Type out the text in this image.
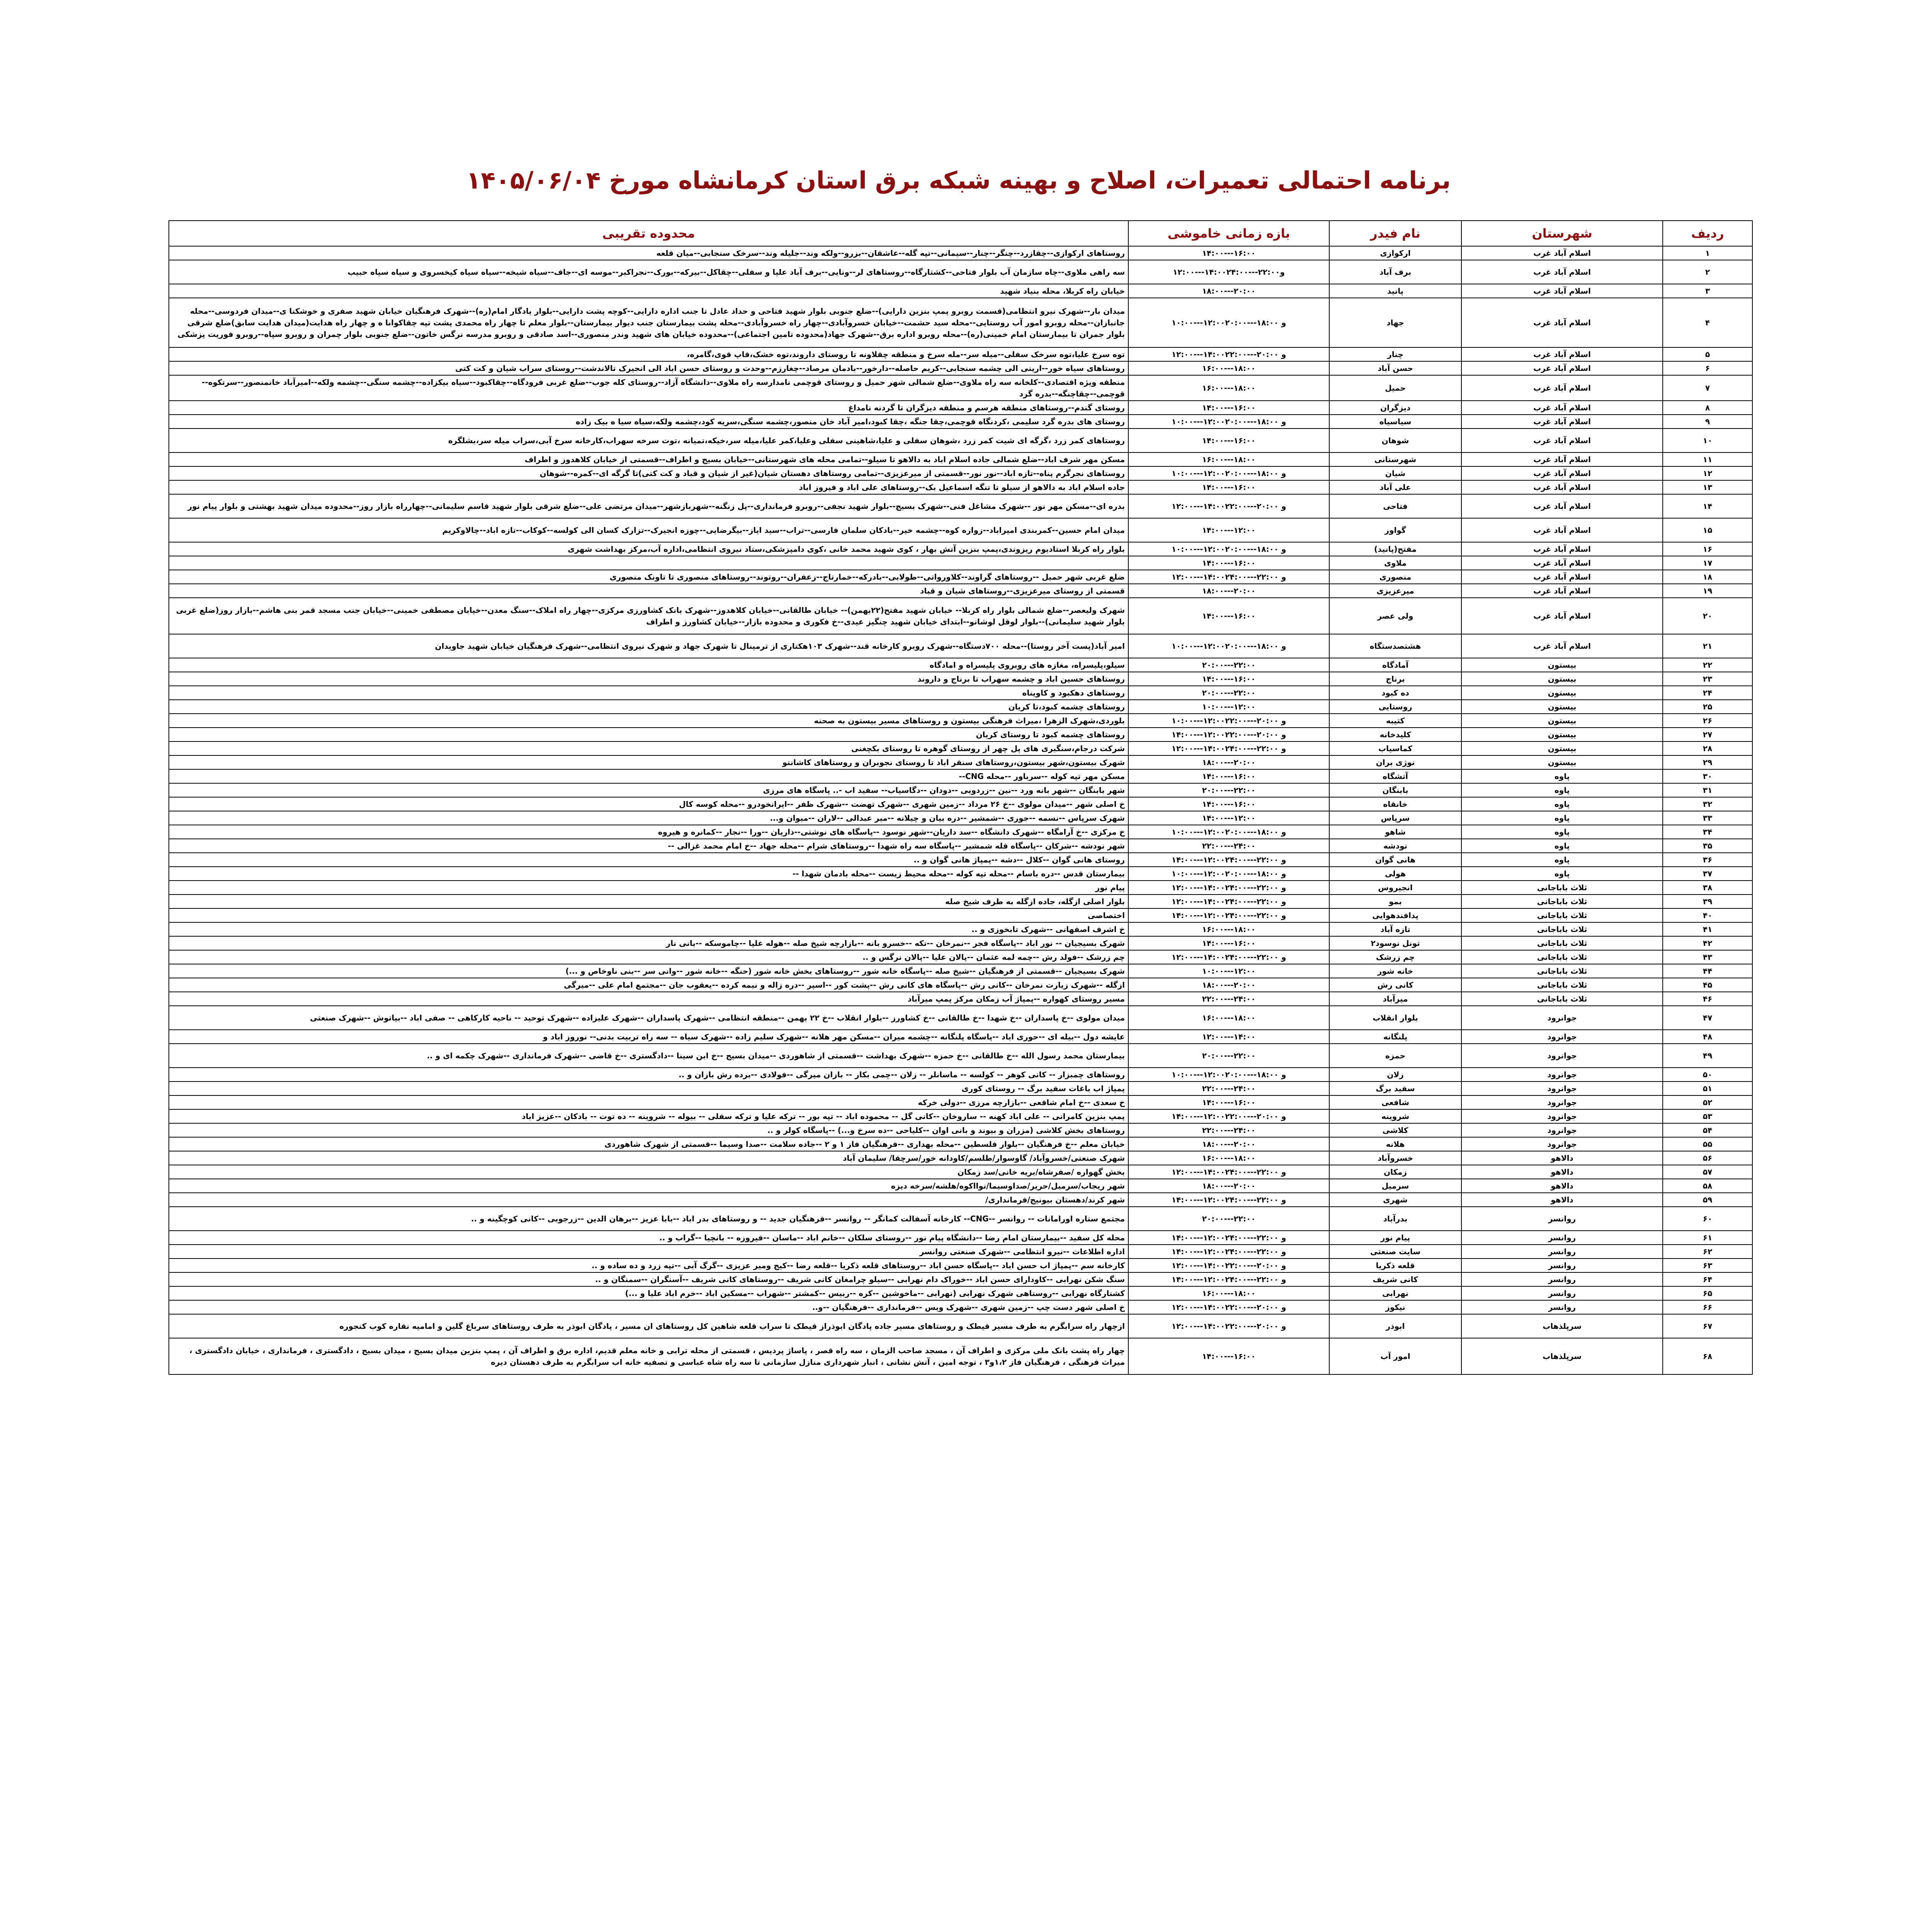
برنامه احتمالی تعمیرات، اصلاح و بهینه شبکه برق استان کرمانشاه مورخ ۱۴۰۵/۰۶/۰۴
ردیف	شهرستان	نام فیدر	بازه زمانی خاموشی	محدوده تقریبی
۱	اسلام آباد غرب	ارکوازی	۱۴:۰۰---۱۶:۰۰	روستاهای ارکوازی--چقازرد--چنگر--چنار--سیمانی--تپه گله--عاشقان--بزرو--ولکه وند--جلیله وند--سرخک سنجابی--میان قلعه
۲	اسلام آباد غرب	برف آباد	۱۲:۰۰---۱۴:۰۰و۲۲:۰۰---۲۴:۰۰	سه راهی ملاوی--چاه سازمان آب بلوار فتاحی--کشتارگاه--روستاهای لر--ونایی--برف آباد علیا و سفلی--چقاکل--بیرکه--بورک--نجراکبر--موسه ای--جاف--سیاه شیخه--سیاه سیاه کیخسروی و سیاه سیاه حبیب
۳	اسلام آباد غرب	پانید	۱۸:۰۰---۲۰:۰۰	خیابان راه کربلا، محله بنیاد شهید
۴	اسلام آباد غرب	جهاد	۱۰:۰۰---۱۲:۰۰و ۱۸:۰۰---۲۰:۰۰	میدان بار--شهرک نیرو انتظامی(قسمت روبرو پمپ بنزین دارایی)--ضلع جنوبی بلوار شهید فتاحی و حداد عادل تا جنب اداره دارایی--کوچه پشت دارایی--بلوار یادگار امام(ره)--شهرک فرهنگیان خیابان شهید صفری و خوشکنا ی--میدان فردوسی--محله جانبازان--محله روبرو امور آب روستایی--محله سید حشمت--خیابان خسروآبادی--چهار راه خسروآبادی--محله پشت بیمارستان جنب دیوار بیمارستان--بلوار معلم تا چهار راه محمدی پشت تپه چقاکوانا ه و چهار راه هدایت(میدان هدایت سابق)ضلع شرقی بلوار جمران تا بیمارستان امام خمینی(ره)--محله روبرو اداره برق--شهرک جهاد(محدوده تامین اجتماعی)--محدوده خیابان های شهید وندر منصوری--اسد صادقی و روبرو مدرسه نرگس خاتون--ضلع جنوبی بلوار چمران و روبرو سپاه--روبرو فوریت پزشکی
۵	اسلام آباد غرب	چنار	۱۲:۰۰---۱۴:۰۰و ۲۰:۰۰---۲۲:۰۰	توه سرخ علیا،توه سرخک سفلی--میله سر--مله سرخ و منطقه چقلاونه تا روستای داروند،توه خشک،قاپ قوی،گامره،
۶	اسلام آباد غرب	حسن آباد	۱۶:۰۰---۱۸:۰۰	روستاهای سیاه خور--ارینی الی چشمه سنجابی--کریم حاصله--دارخور--بادمان مرصاد--چغارزم--وحدت و روستای حسن اباد الی انجیرک تالاندشت--روستای سراب شیان و کت کتی
۷	اسلام آباد غرب	حمیل	۱۶:۰۰---۱۸:۰۰	منطقه ویژه اقتصادی--کلخانه سه راه ملاوی--ضلع شمالی شهر حمیل و روستای قوچمی نامدارسه راه ملاوی--دانشگاه آزاد--روستای کله جوب--ضلع غربی فرودگاه--چقاکبود--سیاه بیکزاده--چشمه سنگی--چشمه ولکه--امیرآباد خانمنصور--سرتکوه--قوچمی--چقاچنگه--بدره گرد
۸	اسلام آباد غرب	دیزگران	۱۴:۰۰---۱۶:۰۰	روستای گندم--روستاهای منطقه هرسم و منطقه دیزگران تا گردنه نامداغ
۹	اسلام آباد غرب	سیاسیاه	۱۰:۰۰---۱۲:۰۰و ۱۸:۰۰---۲۰:۰۰	روستای های بدره گرد سلیمی ،کردنگاه قوچمی،چقا جنگه ،چقا کبود،امیر آباد خان منصور،چشمه سنگی،سریه کود،چشمه ولکه،سیاه سیا ه بیک زاده
۱۰	اسلام آباد غرب	شوهان	۱۴:۰۰---۱۶:۰۰	روستاهای کمر زرد ،گرگه ای شیت کمر زرد ،شوهان سفلی و علیا،شاهینی سفلی وعلیا،کمر علیا،میله سر،خیکه،تمیانه ،توت سرخه سهراب،کارخانه سرخ آبی،سراب میله سر،بشلگره
۱۱	اسلام آباد غرب	شهرستانی	۱۶:۰۰---۱۸:۰۰	مسکن مهر شرف اباد--ضلع شمالی جاده اسلام اباد به دالاهو تا سیلو--تمامی محله های شهرستانی--خیابان بسیج و اطراف--قسمتی از خیابان کلاهدوز و اطراف
۱۲	اسلام آباد غرب	شیان	۱۰:۰۰---۱۲:۰۰و ۱۸:۰۰---۲۰:۰۰	روستاهای نجرگرم پناه--تازه اباد--نور نور--قسمتی از میرعزیزی--تمامی روستاهای دهستان شیان(غیر از شیان و قباد و کت کتی)تا گرگه ای--کمره--شوهان
۱۳	اسلام آباد غرب	علی آباد	۱۴:۰۰---۱۶:۰۰	جاده اسلام اباد به دالاهو از سیلو تا تنگه اسماعیل بک--روستاهای علی اباد و فیروز اباد
۱۴	اسلام آباد غرب	فتاحی	۱۲:۰۰---۱۴:۰۰و ۲۰:۰۰---۲۲:۰۰	بدره ای--مسکن مهر نور --شهرک مشاغل فنی--شهرک بسیج--بلوار شهید نجفی--روبرو فرمانداری--پل زنگنه--شهربازشهر--میدان مرتضی علی--ضلع شرقی بلوار شهید قاسم سلیمانی--چهارراه بازار روز--محدوده میدان شهید بهشتی و بلوار پیام نور
۱۵	اسلام آباد غرب	گواور	۱۴:۰۰---۱۲:۰۰	میدان امام حسین--کمربندی امیراباد--زواره کوه--چشمه خیر--بادکان سلمان فارسی--تراب--سید ایاز--بیگرضایی--چوزه انجیرک--تزارک کسان الی کولسه--کوکاب--تازه اباد--چالاوکریم
۱۶	اسلام آباد غرب	مفتح(پانید)	۱۰:۰۰---۱۲:۰۰و ۱۸:۰۰---۲۰:۰۰	بلوار راه کربلا استادیوم ریزوندی،پمپ بنزین آتش بهار ، کوی شهید محمد خانی ،کوی دامپزشکی،ستاد نیروی انتظامی،اداره آب،مرکز بهداشت شهری
۱۷	اسلام آباد غرب	ملاوی	۱۴:۰۰---۱۶:۰۰	
۱۸	اسلام آباد غرب	منصوری	۱۲:۰۰---۱۴:۰۰و ۲۲:۰۰---۲۴:۰۰	ضلع غربی شهر حمیل --روستاهای گراوند--کلاورواتی--طولابی--بادرکه--خمارتاج--زعفران--روتوند--روستاهای منصوری تا تاونک منصوری
۱۹	اسلام آباد غرب	میرعزیزی	۱۸:۰۰---۲۰:۰۰	قسمتی از روستای میرعزیزی--روستاهای شیان و قباد
۲۰	اسلام آباد غرب	ولی عصر	۱۴:۰۰---۱۶:۰۰	شهرک ولیعصر--ضلع شمالی بلوار راه کربلا-- خیابان شهید مفتح(۲۲بهمن)-- خیابان طالقانی--خیابان کلاهدوز--شهرک بانک کشاورزی مرکزی--چهار راه املاک--سنگ معدن--خیابان مصطفی خمینی--خیابان جنب مسجد قمر بنی هاشم--بازار روز(ضلع غربی بلوار شهید سلیمانی)--بلوار لوقل لوشانو--ابتدای خیابان شهید چنگیز عیدی--خ فکوری و محدوده بازار--خیابان کشاورز و اطراف
۲۱	اسلام آباد غرب	هشتصدستگاه	۱۰:۰۰---۱۲:۰۰و ۱۸:۰۰---۲۰:۰۰	امیر آباد(پست آخر روستا)--محله ۷۰۰دستگاه--شهرک روبرو کارخانه قند--شهرک ۱۰۳هکتاری از ترمینال تا شهرک جهاد و شهرک نیروی انتظامی--شهرک فرهنگیان خیابان شهید جاویدان
۲۲	بیستون	آمادگاه	۲۰:۰۰---۲۲:۰۰	سیلو،پلیسراه، مغازه های روبروی پلیسراه و امادگاه
۲۳	بیستون	برناج	۱۴:۰۰---۱۶:۰۰	روستاهای حسین اباد و چشمه سهراب تا برناج و داروند
۲۴	بیستون	ده کبود	۲۰:۰۰---۲۲:۰۰	روستاهای دهکبود و کاویناه
۲۵	بیستون	روستایی	۱۰:۰۰---۱۲:۰۰	روستاهای چشمه کبود،تا کریان
۲۶	بیستون	کتیبه	۱۰:۰۰---۱۲:۰۰و ۲۰:۰۰---۲۲:۰۰	بلوردی،شهرک الزهرا ،میراث فرهنگی بیستون و روستاهای مسیر بیستون به صحنه
۲۷	بیستون	کلیدخانه	۱۴:۰۰---۱۲:۰۰و ۲۰:۰۰---۲۲:۰۰	روستاهای چشمه کبود تا روستای کریان
۲۸	بیستون	کماسیاب	۱۲:۰۰---۱۴:۰۰و ۲۲:۰۰---۲۴:۰۰	شرکت درجام،سنگبری های پل چهر از روستای گوهره تا روستای بکچغنی
۲۹	بیستون	نوژی بران	۱۸:۰۰---۲۰:۰۰	شهرک بیستون،شهر بیستون،روستاهای سنقر اباد تا روستای نجوبران و روستاهای کاشانتو
۳۰	پاوه	آتشگاه	۱۴:۰۰---۱۶:۰۰	مسکن مهر تپه کوله --سرباور --محله CNG--
۳۱	پاوه	بابنگان	۲۰:۰۰---۲۲:۰۰	شهر بابنگان --شهر بانه ورد --نین --زردویی --دودان --دگاسیاب-- سفید اب -.. پاسگاه های مرزی
۳۲	پاوه	خانقاه	۱۴:۰۰---۱۶:۰۰	خ اصلی شهر --میدان مولوی --خ ۲۶ مرداد --زمین شهری --شهرک تهضت --شهرک ظفر --ایرانخودرو --محله کوسه کال
۳۳	پاوه	سرپاس	۱۴:۰۰---۱۲:۰۰	شهرک سرپاس --نسمه --جوری --شمشیر --دره بیان و چیلانه --میر عبدالی --لاران --میوان و...
۳۴	پاوه	شاهو	۱۰:۰۰---۱۲:۰۰و ۱۸:۰۰---۲۰:۰۰	خ مرکزی --خ آرامگاه --شهرک دانشگاه --سد داریان--شهر نوسود --پاسگاه های نوشتی--داریان --ورا --نجار --کمانره و هیروه
۳۵	پاوه	نودشه	۲۲:۰۰---۲۴:۰۰	شهر نودشه --شرکان --پاسگاه قله شمشیر --پاسگاه سه راه شهدا --روستاهای شرام --محله جهاد --خ امام محمد غزالی --
۳۶	پاوه	هانی گوان	۱۴:۰۰---۱۲:۰۰و ۲۲:۰۰---۲۴:۰۰	روستای هانی گوان --کلال --دشه --پمپاژ هانی گوان و ..
۳۷	پاوه	هولی	۱۰:۰۰---۱۲:۰۰و ۱۸:۰۰---۲۰:۰۰	بیمارستان قدس --دره باسام --محله تپه کوله --محله محیط زیست --محله بادمان شهدا --
۳۸	ثلاث باباجانی	انجیروس	۱۲:۰۰---۱۴:۰۰و ۲۲:۰۰---۲۴:۰۰	پیام نور
۳۹	ثلاث باباجانی	بمو	۱۲:۰۰---۱۴:۰۰و ۲۲:۰۰---۲۴:۰۰	بلوار اصلی ازگله، جاده ازگله به طرف شیخ صله
۴۰	ثلاث باباجانی	پدافندهوایی	۱۴:۰۰---۱۲:۰۰و ۲۲:۰۰---۲۴:۰۰	اختصاصی
۴۱	ثلاث باباجانی	تازه آباد	۱۶:۰۰---۱۸:۰۰	خ اشرف اصفهانی --شهرک تابخوزی و ..
۴۲	ثلاث باباجانی	تونل نوسود۲	۱۴:۰۰---۱۶:۰۰	شهرک بسیجیان -- نور اباد --پاسگاه فجر --نمرخان --تکه --خسرو بانه --بازارچه شیخ صله --هوله علیا --چاموسکه --بانی نار
۴۳	ثلاث باباجانی	چم زرشک	۱۲:۰۰---۱۴:۰۰و ۲۲:۰۰---۲۴:۰۰	چم زرشک --فولد رش --چمه لمه عثمان --پالان علیا --پالان نرگس و ..
۴۴	ثلاث باباجانی	خانه شور	۱۰:۰۰---۱۲:۰۰	شهرک بسیجیان --قسمتی از فرهنگیان --شیخ صله --پاسگاه خانه شور --روستاهای بخش خانه شور (حنگه --خانه شور --وانی سر --بنی ناوخاص و ...)
۴۵	ثلاث باباجانی	کانی رش	۱۸:۰۰---۲۰:۰۰	ازگله --شهرک زیارت نمرخان --کانی رش --پاسگاه های کانی رش --پشت کور --اسپر --دره زاله و نیمه کرده --یعقوب جان --مجتمع امام علی --میرگی
۴۶	ثلاث باباجانی	میرآباد	۲۲:۰۰---۲۴:۰۰	مسیر روستای کهواره --پمپاژ آب زمکان مرکز پمپ میرآباد
۴۷	جوانرود	بلوار انقلاب	۱۶:۰۰---۱۸:۰۰	میدان مولوی --خ پاسداران --خ شهدا --خ طالقانی --خ کشاورز --بلوار انقلاب --خ ۲۲ بهمن --منطقه انتظامی --شهرک پاسداران --شهرک علیزاده --شهرک توحید -- ناحیه کارکاهی -- صفی اباد --بیاتوش --شهرک صنعتی
۴۸	جوانرود	پلنگانه	۱۲:۰۰---۱۴:۰۰	عایشه دول --بیله ای --حوری اباد --پاسگاه پلنگانه --چشمه میران --مسکن مهر هلانه --شهرک سلیم زاده --شهرک سیاه -- سه راه تربیت بدنی-- نوروز اباد و
۴۹	جوانرود	حمزه	۲۰:۰۰---۲۲:۰۰	بیمارستان محمد رسول الله --خ طالقانی --خ حمزه --شهرک بهداشت --قسمتی از شاهوردی --میدان بسیج --خ ابن سینا --دادگستری --خ قاضی --شهرک فرمانداری --شهرک چکمه ای و ..
۵۰	جوانرود	زلان	۱۰:۰۰---۱۲:۰۰و ۱۸:۰۰---۲۰:۰۰	روستاهای چمبزار -- کانی کوهر -- کولسه -- ماسانلر -- زلان --چمی بکار -- بازان میرگی --فولادی --برده رش بازان و ..
۵۱	جوانرود	سفید برگ	۲۲:۰۰---۲۴:۰۰	پمپاژ اب باغات سفید برگ -- روستای کوری
۵۲	جوانرود	شافعی	۱۴:۰۰---۱۶:۰۰	خ سعدی --خ امام شافعی --بازارچه مرزی --دولی خرکه
۵۳	جوانرود	شروینه	۱۴:۰۰---۱۲:۰۰و ۲۰:۰۰---۲۲:۰۰	پمپ بنزین کامرانی -- علی اباد کهنه -- ساروخان --کانی گل -- محموده اباد -- تپه بور -- ترکه علیا و ترکه سفلی -- بیوله -- شروینه -- ده توت -- بادکان --عزیز اباد
۵۴	جوانرود	کلاشی	۲۲:۰۰---۲۴:۰۰	روستاهای بخش کلاشی (مزران و بیوند و بانی اوان --کلیاحی --ده سرخ و...) --پاسگاه کولر و ..
۵۵	جوانرود	هلانه	۱۸:۰۰---۲۰:۰۰	خیابان معلم --خ فرهنگیان --بلوار فلسطین --محله بهداری --فرهنگیان فاز ۱ و ۲ --جاده سلامت --صدا وسیما --قسمتی از شهرک شاهوردی
۵۶	دالاهو	خسروآباد	۱۶:۰۰---۱۸:۰۰	شهرک صنعتی/خسروآباد/ گاوسوار/طلسم/کاودانه خور/سرچقا/ سلیمان آباد
۵۷	دالاهو	زمکان	۱۲:۰۰---۱۴:۰۰و ۲۲:۰۰---۲۴:۰۰	بخش گهواره /صفرشاه/بریه خانی/سد زمکان
۵۸	دالاهو	سرمیل	۱۸:۰۰---۲۰:۰۰	شهر ریجاب/سرمیل/حریر/صداوسیما/نوااکوه/هلشه/سرخه دیزه
۵۹	دالاهو	شهری	۱۴:۰۰---۱۲:۰۰و ۲۲:۰۰---۲۴:۰۰	شهر کرند/دهستان بیونیج/فرمانداری/
۶۰	روانسر	بدرآباد	۲۰:۰۰---۲۲:۰۰	مجتمع ستاره اورامانات -- روانسر --CNG-- کارخانه آسفالت کمانگر -- روانسر --فرهنگیان جدید -- و روستاهای بدر اباد --بابا عزیز --برهان الدین --زرجوبی --کانی کوچگینه و ..
۶۱	روانسر	پیام نور	۱۴:۰۰---۱۲:۰۰و ۲۲:۰۰---۲۴:۰۰	محله کل سفید --بیمارستان امام رضا --دانشگاه پیام نور --روستای سلکان --خانم اباد --ماسان --فیروزه -- بانچیا --گراب و ..
۶۲	روانسر	سایت صنعتی	۱۴:۰۰---۱۲:۰۰و ۲۲:۰۰---۲۴:۰۰	اداره اطلاعات --نیرو انتظامی --شهرک صنعتی روانسر
۶۳	روانسر	قلعه ذکریا	۱۲:۰۰---۱۴:۰۰و ۲۰:۰۰---۲۲:۰۰	کارخانه سم --پمپاژ اب حسن اباد --پاسگاه حسن اباد --روستاهای قلعه ذکریا --قلعه رضا --کیج ومیر عزیزی --گرگ آبی --تپه زرد و ده ساده و ..
۶۴	روانسر	کانی شریف	۱۴:۰۰---۱۲:۰۰و ۲۲:۰۰---۲۴:۰۰	سنگ شکن نهرابی --کاودارای حسن اباد --خوراک دام نهرابی --سیلو چرامغان کانی شریف --روستاهای کانی شریف --آسنگران --سمنگان و ..
۶۵	روانسر	نهرابی	۱۶:۰۰---۱۸:۰۰	کشتارگاه نهرابی --روستاهی شهرک نهرابی (نهرابی --ماخوشین --کره --ربیس --کمشتر --شهراب --مسکین اباد --خرم اباد علیا و ...)
۶۶	روانسر	نیکوز	۱۲:۰۰---۱۴:۰۰و ۲۰:۰۰---۲۲:۰۰	خ اصلی شهر دست چپ --زمین شهری --شهرک ویس --فرمانداری --فرهنگیان --و..
۶۷	سرپلذهاب	ابوذر	۱۲:۰۰---۱۴:۰۰و ۲۰:۰۰---۲۲:۰۰	ازچهار راه سرابگرم به طرف مسیر قیطک و روستاهای مسیر جاده پادگان ابوذراز قیطک تا سراب قلعه شاهین کل روستاهای ان مسیر ، پادگان ابوذر به طرف روستاهای سرباغ گلین و امامیه نقاره کوب کنجوره
۶۸	سرپلذهاب	امور آب	۱۴:۰۰---۱۶:۰۰	چهار راه پشت بانک ملی مرکزی و اطراف آن ، مسجد صاحب الزمان ، سه راه قصر ، پاساژ پرديس ، قسمتی از محله ترابی و خانه معلم قدیم، اداره برق و اطراف آن ، پمپ بنزین میدان بسیج ، میدان بسیج ، دادگستری ، فرمانداری ، خیابان دادگستری ، میراث فرهنگی ، فرهنگیان فاز ۱،۲و۳ ، توجه امین ، آتش نشانی ، انبار شهرداری منازل سازمانی تا سه راه شاه عباسی و تصفیه خانه اب سرابگرم به طرف دهستان دیره
